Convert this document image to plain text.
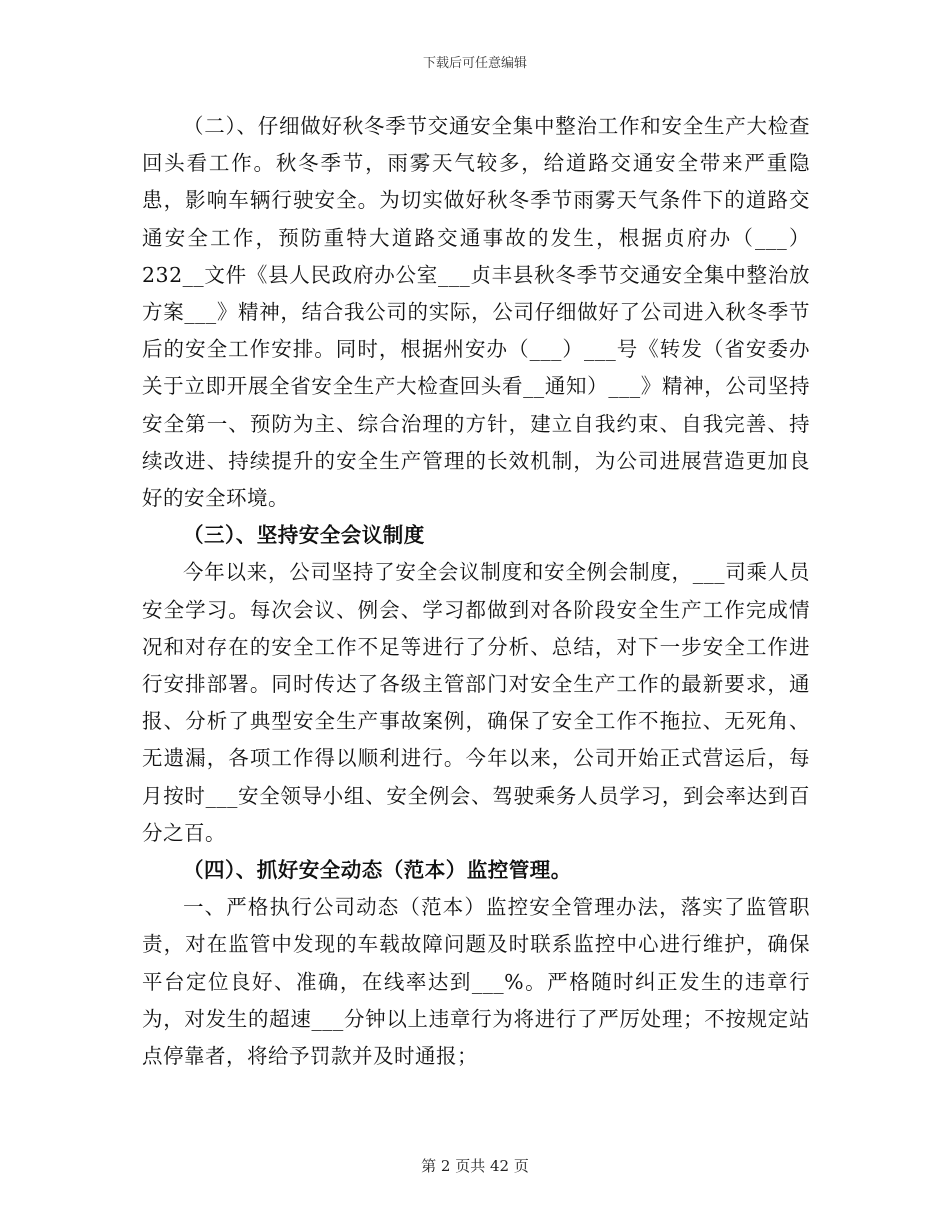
下载后可任意编辑

（二）、仔细做好秋冬季节交通安全集中整治工作和安全生产大检查回头看工作。秋冬季节，雨雾天气较多，给道路交通安全带来严重隐患，影响车辆行驶安全。为切实做好秋冬季节雨雾天气条件下的道路交通安全工作，预防重特大道路交通事故的发生，根据贞府办（___）232__文件《县人民政府办公室___贞丰县秋冬季节交通安全集中整治放方案___》精神，结合我公司的实际，公司仔细做好了公司进入秋冬季节后的安全工作安排。同时，根据州安办（___）___号《转发（省安委办关于立即开展全省安全生产大检查回头看__通知）___》精神，公司坚持安全第一、预防为主、综合治理的方针，建立自我约束、自我完善、持续改进、持续提升的安全生产管理的长效机制，为公司进展营造更加良好的安全环境。

（三）、坚持安全会议制度

今年以来，公司坚持了安全会议制度和安全例会制度，___司乘人员安全学习。每次会议、例会、学习都做到对各阶段安全生产工作完成情况和对存在的安全工作不足等进行了分析、总结，对下一步安全工作进行安排部署。同时传达了各级主管部门对安全生产工作的最新要求，通报、分析了典型安全生产事故案例，确保了安全工作不拖拉、无死角、无遗漏，各项工作得以顺利进行。今年以来，公司开始正式营运后，每月按时___安全领导小组、安全例会、驾驶乘务人员学习，到会率达到百分之百。

（四）、抓好安全动态（范本）监控管理。

一、严格执行公司动态（范本）监控安全管理办法，落实了监管职责，对在监管中发现的车载故障问题及时联系监控中心进行维护，确保平台定位良好、准确，在线率达到___%。严格随时纠正发生的违章行为，对发生的超速___分钟以上违章行为将进行了严厉处理；不按规定站点停靠者，将给予罚款并及时通报；

第 2 页共 42 页
